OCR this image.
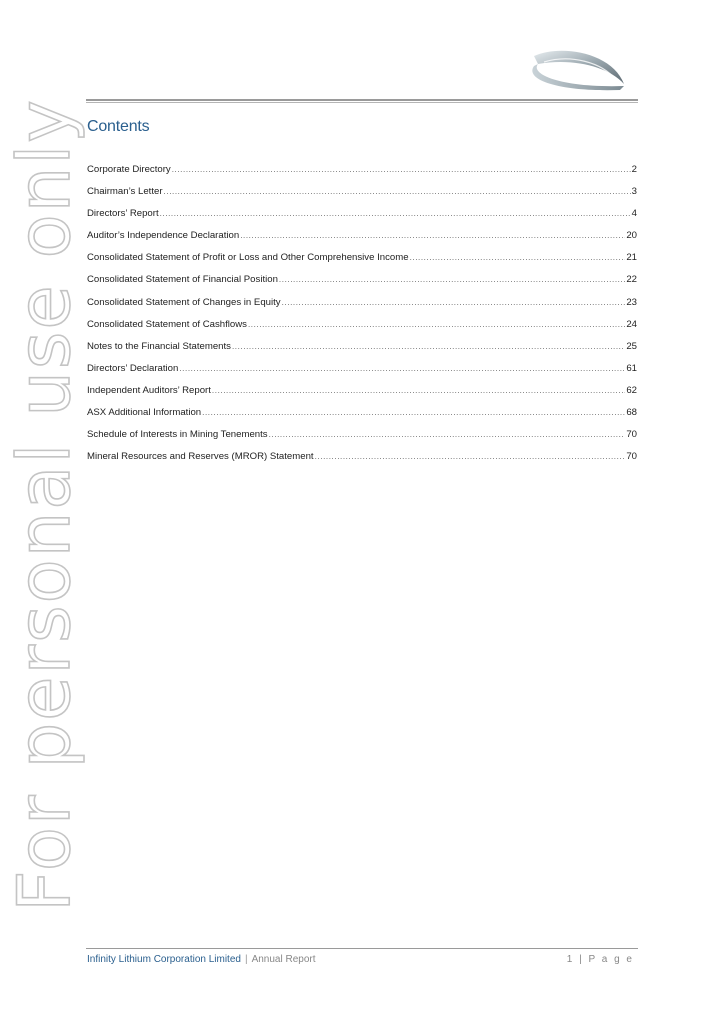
For personal use only Contents
Corporate Directory .....	2
Chairman’s Letter .....	3
Directors’ Report .....	4
Auditor’s Independence Declaration .....	20
Consolidated Statement of Profit or Loss and Other Comprehensive Income .....	21
Consolidated Statement of Financial Position .....	22
Consolidated Statement of Changes in Equity .....	23
Consolidated Statement of Cashflows .....	24
Notes to the Financial Statements .....	25
Directors’ Declaration .....	61
Independent Auditors’ Report .....	62
ASX Additional Information .....	68
Schedule of Interests in Mining Tenements .....	70
Mineral Resources and Reserves (MROR) Statement .....	70
Infinity Lithium Corporation Limited | Annual Report	1 | P a g e
